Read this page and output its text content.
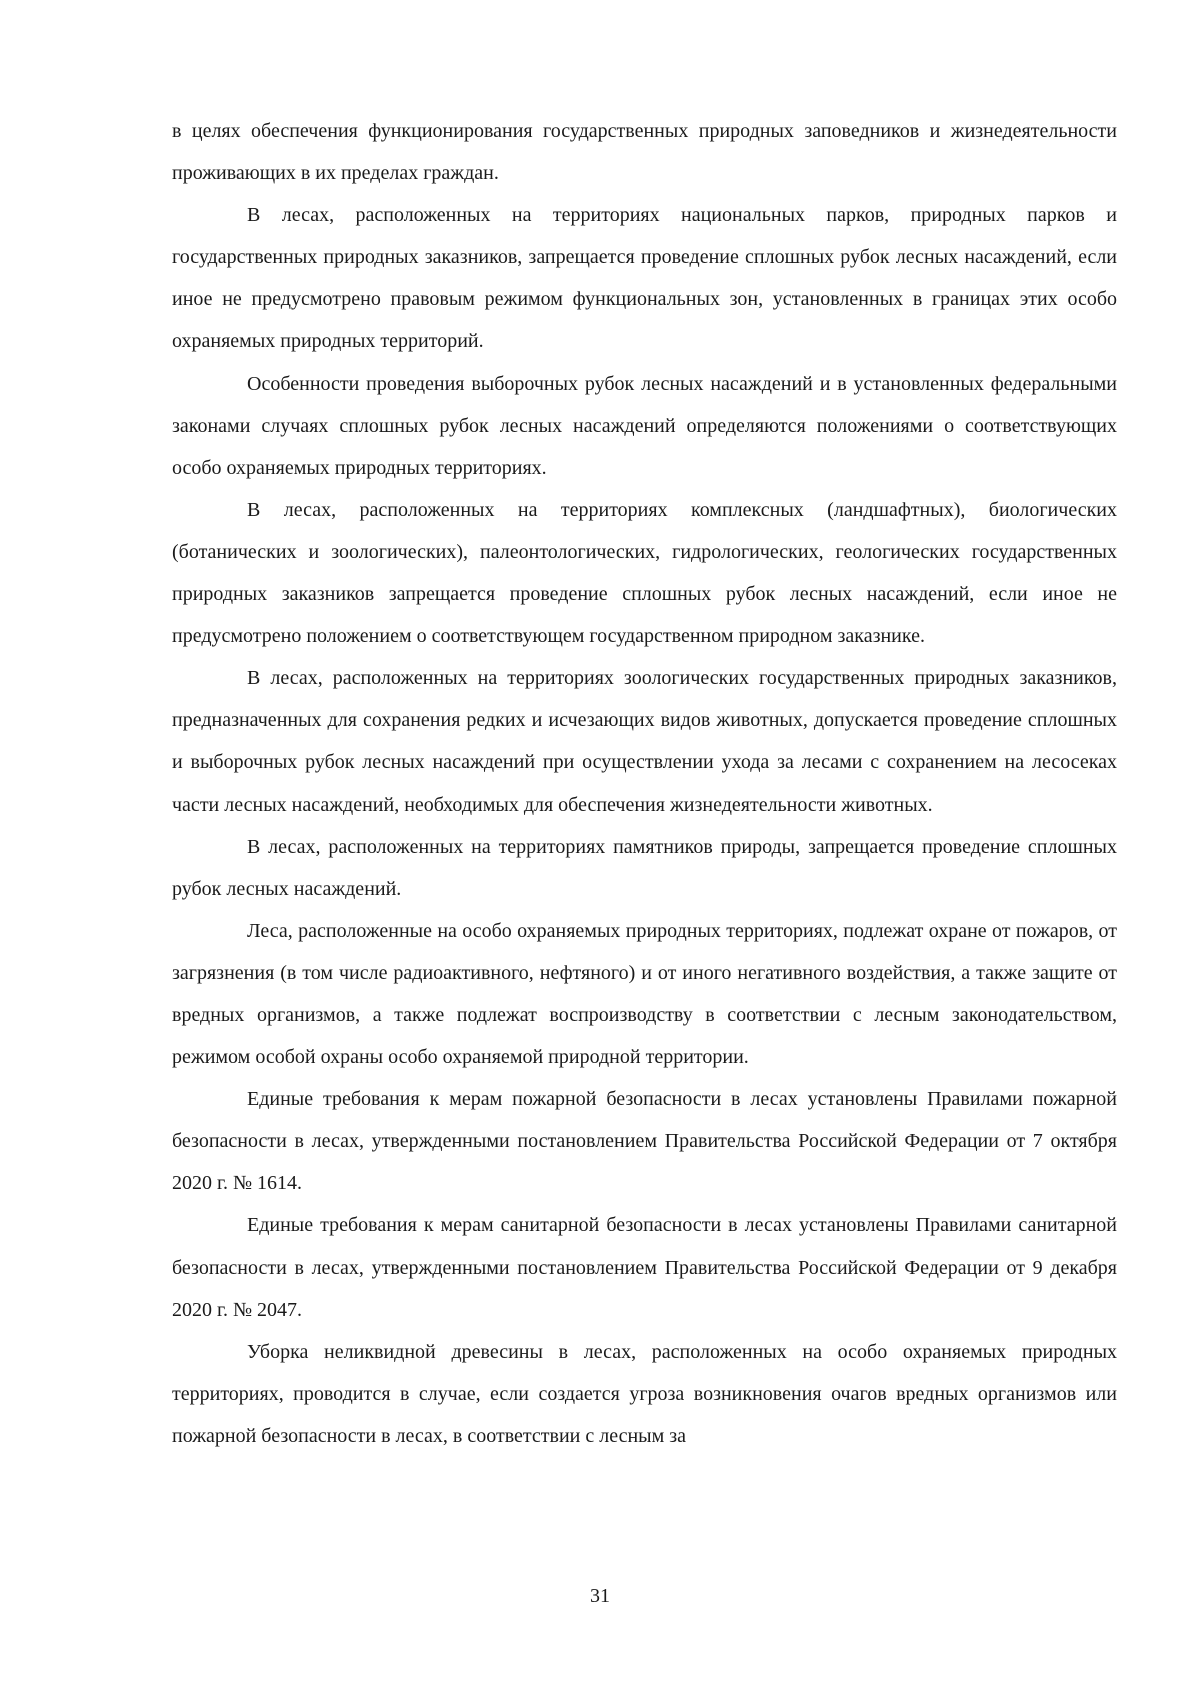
в целях обеспечения функционирования государственных природных заповедников и жизнедеятельности проживающих в их пределах граждан.

В лесах, расположенных на территориях национальных парков, природных парков и государственных природных заказников, запрещается проведение сплошных рубок лесных насаждений, если иное не предусмотрено правовым режимом функциональных зон, установленных в границах этих особо охраняемых природных территорий.

Особенности проведения выборочных рубок лесных насаждений и в установленных федеральными законами случаях сплошных рубок лесных насаждений определяются положениями о соответствующих особо охраняемых природных территориях.

В лесах, расположенных на территориях комплексных (ландшафтных), биологических (ботанических и зоологических), палеонтологических, гидрологических, геологических государственных природных заказников запрещается проведение сплошных рубок лесных насаждений, если иное не предусмотрено положением о соответствующем государственном природном заказнике.

В лесах, расположенных на территориях зоологических государственных природных заказников, предназначенных для сохранения редких и исчезающих видов животных, допускается проведение сплошных и выборочных рубок лесных насаждений при осуществлении ухода за лесами с сохранением на лесосеках части лесных насаждений, необходимых для обеспечения жизнедеятельности животных.

В лесах, расположенных на территориях памятников природы, запрещается проведение сплошных рубок лесных насаждений.

Леса, расположенные на особо охраняемых природных территориях, подлежат охране от пожаров, от загрязнения (в том числе радиоактивного, нефтяного) и от иного негативного воздействия, а также защите от вредных организмов, а также подлежат воспроизводству в соответствии с лесным законодательством, режимом особой охраны особо охраняемой природной территории.

Единые требования к мерам пожарной безопасности в лесах установлены Правилами пожарной безопасности в лесах, утвержденными постановлением Правительства Российской Федерации от 7 октября 2020 г. № 1614.

Единые требования к мерам санитарной безопасности в лесах установлены Правилами санитарной безопасности в лесах, утвержденными постановлением Правительства Российской Федерации от 9 декабря 2020 г. № 2047.

Уборка неликвидной древесины в лесах, расположенных на особо охраняемых природных территориях, проводится в случае, если создается угроза возникновения очагов вредных организмов или пожарной безопасности в лесах, в соответствии с лесным за

31
